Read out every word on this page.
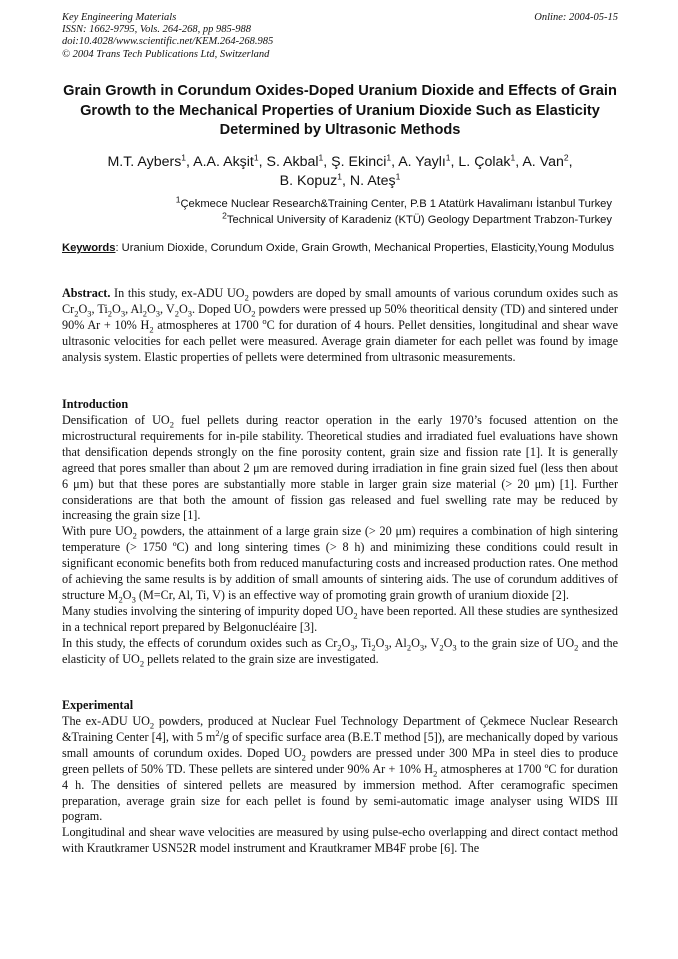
Key Engineering Materials
ISSN: 1662-9795, Vols. 264-268, pp 985-988
doi:10.4028/www.scientific.net/KEM.264-268.985
© 2004 Trans Tech Publications Ltd, Switzerland
Online: 2004-05-15
Grain Growth in Corundum Oxides-Doped Uranium Dioxide and Effects of Grain Growth to the Mechanical Properties of Uranium Dioxide Such as Elasticity Determined by Ultrasonic Methods
M.T. Aybers$^1$, A.A. Akşit$^1$, S. Akbal$^1$, Ş. Ekinci$^1$, A. Yaylı$^1$, L. Çolak$^1$, A. Van$^2$,
B. Kopuz$^1$, N. Ateş$^1$
$^1$Çekmece Nuclear Research&Training Center, P.B 1 Atatürk Havalimanı İstanbul Turkey
$^2$Technical University of Karadeniz (KTÜ) Geology Department Trabzon-Turkey
Keywords: Uranium Dioxide, Corundum Oxide, Grain Growth, Mechanical Properties, Elasticity,Young Modulus
Abstract. In this study, ex-ADU $UO_2$ powders are doped by small amounts of various corundum oxides such as $Cr_2O_3$, $Ti_2O_3$, $Al_2O_3$, $V_2O_3$. Doped $UO_2$ powders were pressed up 50% theoritical density (TD) and sintered under 90% Ar + 10% $H_2$ atmospheres at 1700 $^o$C for duration of 4 hours. Pellet densities, longitudinal and shear wave ultrasonic velocities for each pellet were measured. Average grain diameter for each pellet was found by image analysis system. Elastic properties of pellets were determined from ultrasonic measurements.
Introduction

Densification of $UO_2$ fuel pellets during reactor operation in the early 1970’s focused attention on the microstructural requirements for in-pile stability. Theoretical studies and irradiated fuel evaluations have shown that densification depends strongly on the fine porosity content, grain size and fission rate [1]. It is generally agreed that pores smaller than about 2 μm are removed during irradiation in fine grain sized fuel (less then about 6 μm) but that these pores are substantially more stable in larger grain size material (> 20 μm) [1]. Further considerations are that both the amount of fission gas released and fuel swelling rate may be reduced by increasing the grain size [1].

With pure $UO_2$ powders, the attainment of a large grain size (> 20 μm) requires a combination of high sintering temperature (> 1750 ºC) and long sintering times (> 8 h) and minimizing these conditions could result in significant economic benefits both from reduced manufacturing costs and increased production rates. One method of achieving the same results is by addition of small amounts of sintering aids. The use of corundum additives of structure $M_2O_3$ (M=Cr, Al, Ti, V) is an effective way of promoting grain growth of uranium dioxide [2].

Many studies involving the sintering of impurity doped $UO_2$ have been reported. All these studies are synthesized in a technical report prepared by Belgonucléaire [3].

In this study, the effects of corundum oxides such as $Cr_2O_3$, $Ti_2O_3$, $Al_2O_3$, $V_2O_3$ to the grain size of $UO_2$ and the elasticity of $UO_2$ pellets related to the grain size are investigated.

Experimental

The ex-ADU $UO_2$ powders, produced at Nuclear Fuel Technology Department of Çekmece Nuclear Research &Training Center [4], with 5 $m^2/g$ of specific surface area (B.E.T method [5]), are mechanically doped by various small amounts of corundum oxides. Doped $UO_2$ powders are pressed under 300 MPa in steel dies to produce green pellets of 50% TD. These pellets are sintered under 90% Ar + 10% $H_2$ atmospheres at 1700 ºC for duration 4 h. The densities of sintered pellets are measured by immersion method. After ceramografic specimen preparation, average grain size for each pellet is found by semi-automatic image analyser using WIDS III pogram.

Longitudinal and shear wave velocities are measured by using pulse-echo overlapping and direct contact method with Krautkramer USN52R model instrument and Krautkramer MB4F probe [6]. The
